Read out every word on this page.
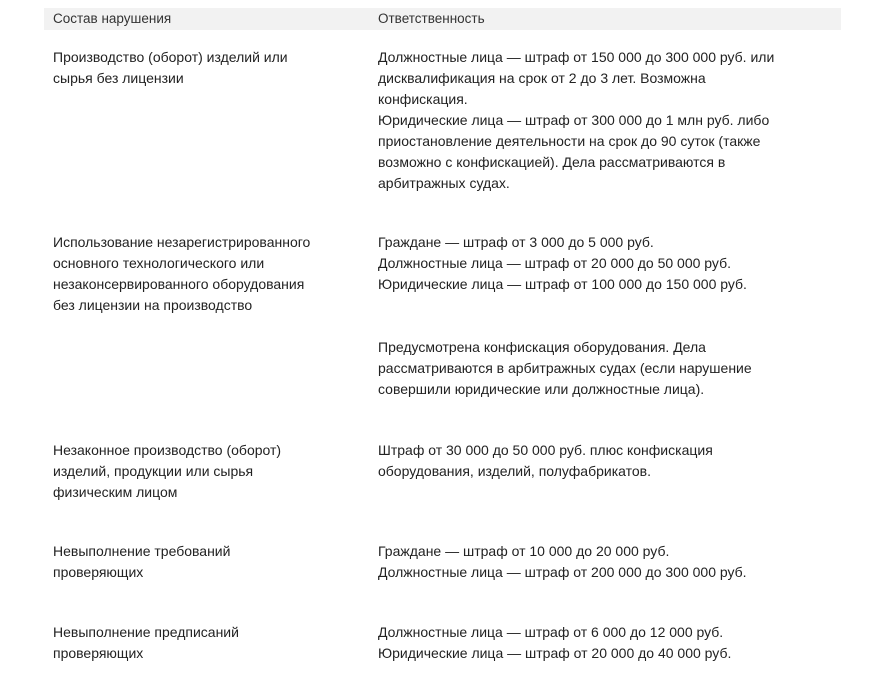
Состав нарушения	Ответственность
Производство (оборот) изделий или
сырья без лицензии
Должностные лица — штраф от 150 000 до 300 000 руб. или
дисквалификация на срок от 2 до 3 лет. Возможна
конфискация.
Юридические лица — штраф от 300 000 до 1 млн руб. либо
приостановление деятельности на срок до 90 суток (также
возможно с конфискацией). Дела рассматриваются в
арбитражных судах.
Использование незарегистрированного
основного технологического или
незаконсервированного оборудования
без лицензии на производство
Граждане — штраф от 3 000 до 5 000 руб.
Должностные лица — штраф от 20 000 до 50 000 руб.
Юридические лица — штраф от 100 000 до 150 000 руб.
Предусмотрена конфискация оборудования. Дела
рассматриваются в арбитражных судах (если нарушение
совершили юридические или должностные лица).
Незаконное производство (оборот)
изделий, продукции или сырья
физическим лицом
Штраф от 30 000 до 50 000 руб. плюс конфискация
оборудования, изделий, полуфабрикатов.
Невыполнение требований
проверяющих
Граждане — штраф от 10 000 до 20 000 руб.
Должностные лица — штраф от 200 000 до 300 000 руб.
Невыполнение предписаний
проверяющих
Должностные лица — штраф от 6 000 до 12 000 руб.
Юридические лица — штраф от 20 000 до 40 000 руб.
